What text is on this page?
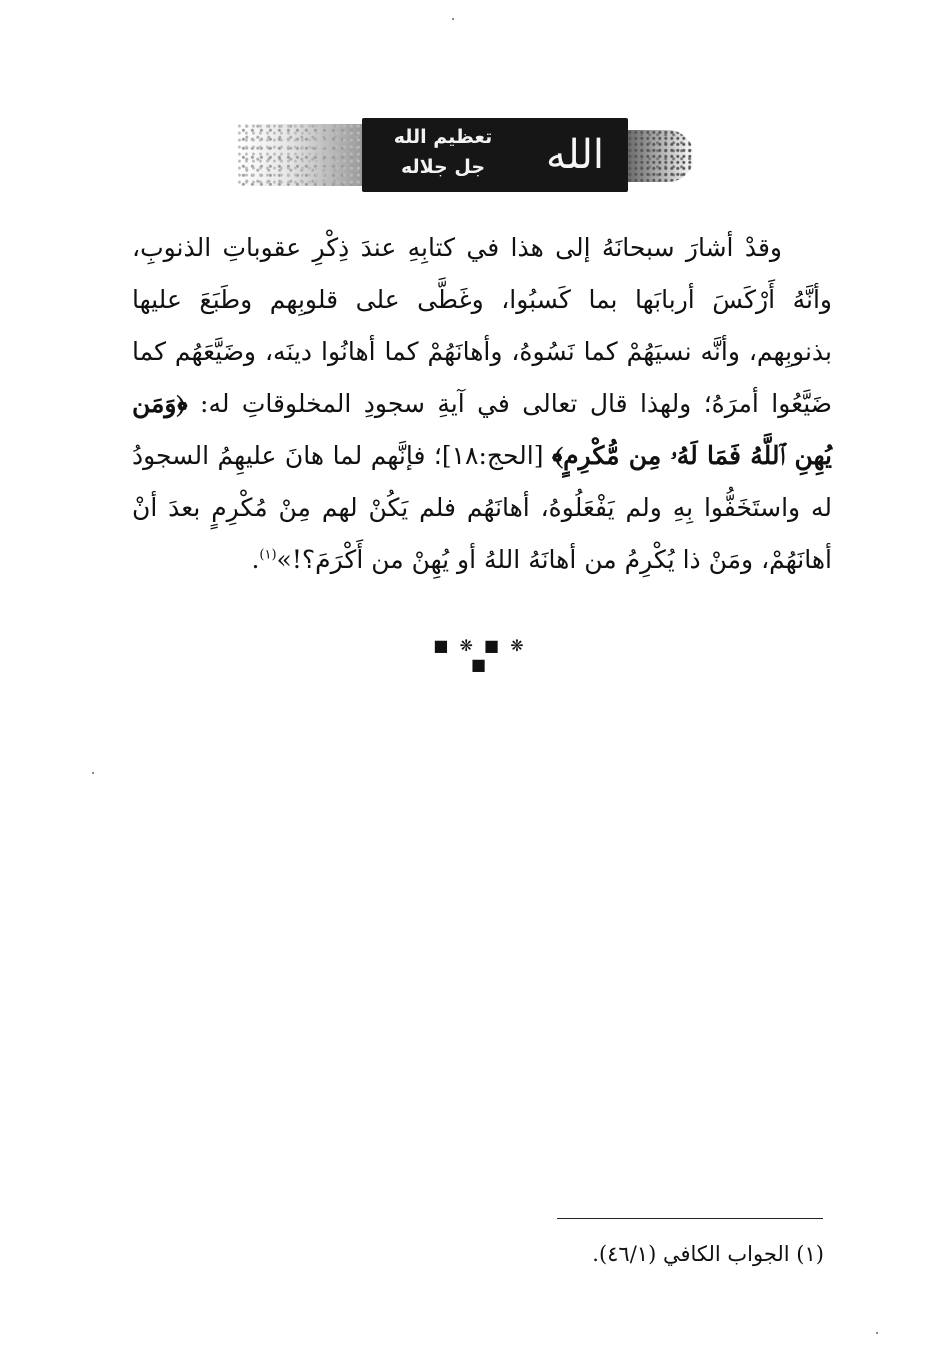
تعظيم الله
جل جلاله	الله

وقدْ أشارَ سبحانَهُ إلى هذا في كتابِهِ عندَ ذِكْرِ عقوباتِ الذنوبِ، وأنَّهُ أَرْكَسَ أربابَها بما كَسبُوا، وغَطَّى على قلوبِهم وطَبَعَ عليها بذنوبِهم، وأنَّه نسيَهُمْ كما نَسُوهُ، وأهانَهُمْ كما أهانُوا دينَه، وضَيَّعَهُم كما ضَيَّعُوا أمرَهُ؛ ولهذا قال تعالى في آيةِ سجودِ المخلوقاتِ له: ﴿وَمَن يُهِنِ ٱللَّهُ فَمَا لَهُۥ مِن مُّكْرِمٍ﴾ [الحج:١٨]؛ فإنَّهم لما هانَ عليهِمُ السجودُ له واستَخَفُّوا بِهِ ولم يَفْعَلُوهُ، أهانَهُم فلم يَكُنْ لهم مِنْ مُكْرِمٍ بعدَ أنْ أهانَهُمْ، ومَنْ ذا يُكْرِمُ من أهانَهُ اللهُ أو يُهِنْ من أَكْرَمَ؟!»$^{(١)}$.

■ ❋ ■ ❋ ■
(١) الجواب الكافي (٤٦/١).
